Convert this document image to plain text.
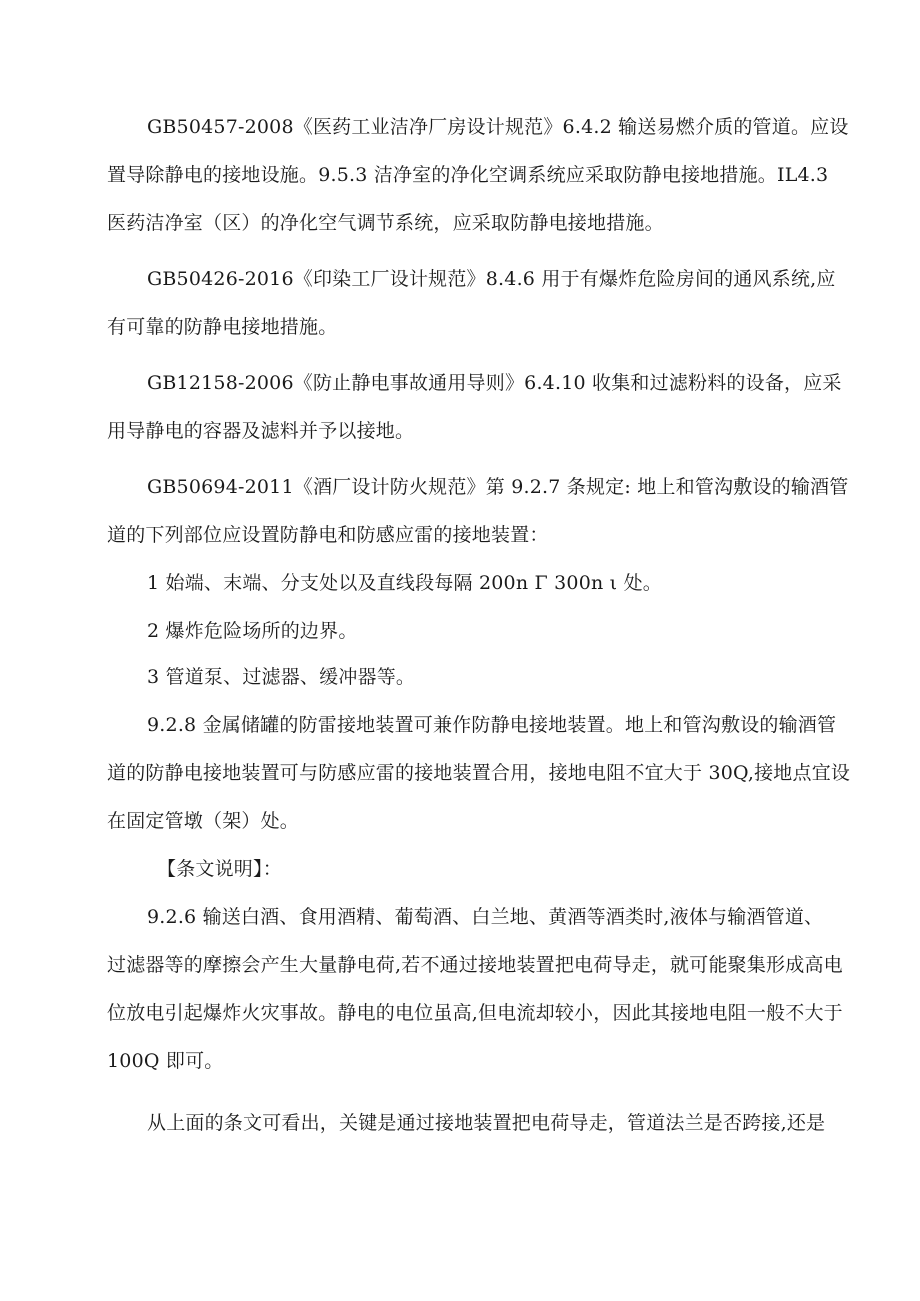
GB50457-2008《医药工业洁净厂房设计规范》6.4.2 输送易燃介质的管道。应设
置导除静电的接地设施。9.5.3 洁净室的净化空调系统应采取防静电接地措施。IL4.3
医药洁净室（区）的净化空气调节系统，应采取防静电接地措施。
GB50426-2016《印染工厂设计规范》8.4.6 用于有爆炸危险房间的通风系统,应
有可靠的防静电接地措施。
GB12158-2006《防止静电事故通用导则》6.4.10 收集和过滤粉料的设备，应采
用导静电的容器及滤料并予以接地。
GB50694-2011《酒厂设计防火规范》第 9.2.7 条规定: 地上和管沟敷设的输酒管
道的下列部位应设置防静电和防感应雷的接地装置：
1 始端、末端、分支处以及直线段每隔 200n Γ 300n ι 处。
2 爆炸危险场所的边界。
3 管道泵、过滤器、缓冲器等。
9.2.8 金属储罐的防雷接地装置可兼作防静电接地装置。地上和管沟敷设的输酒管
道的防静电接地装置可与防感应雷的接地装置合用，接地电阻不宜大于 30Q,接地点宜设
在固定管墩（架）处。
【条文说明】：
9.2.6 输送白酒、食用酒精、葡萄酒、白兰地、黄酒等酒类时,液体与输酒管道、
过滤器等的摩擦会产生大量静电荷,若不通过接地装置把电荷导走，就可能聚集形成高电
位放电引起爆炸火灾事故。静电的电位虽高,但电流却较小，因此其接地电阻一般不大于
100Q 即可。
从上面的条文可看出，关键是通过接地装置把电荷导走，管道法兰是否跨接,还是
